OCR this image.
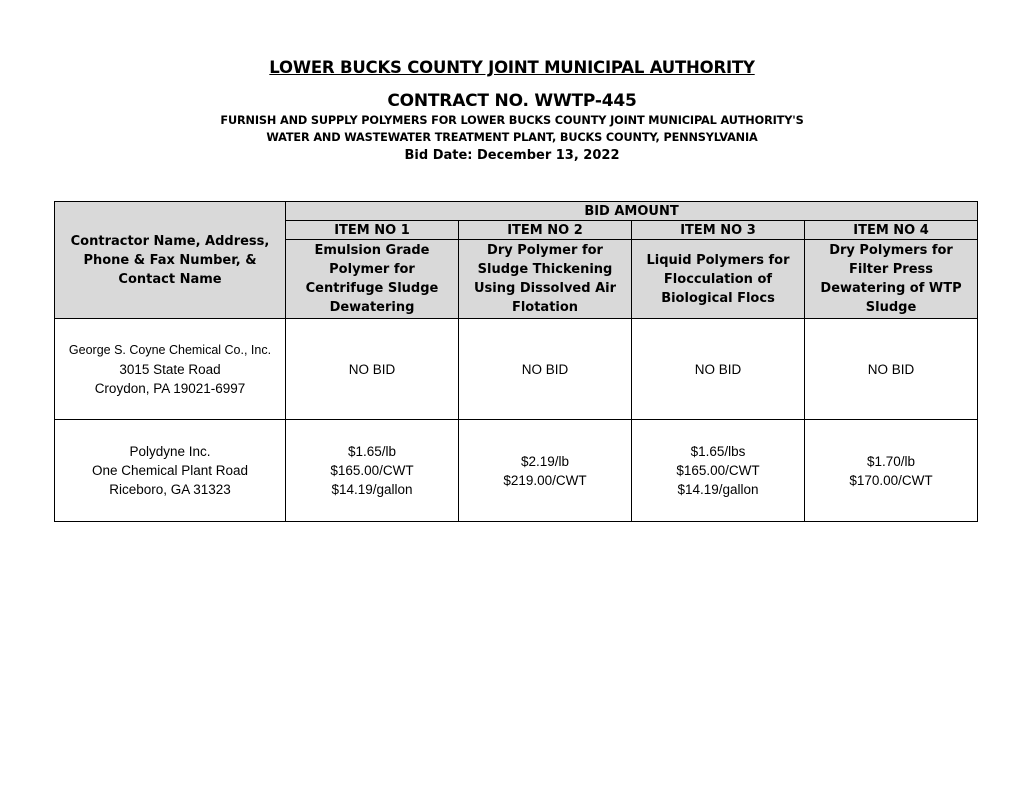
LOWER BUCKS COUNTY JOINT MUNICIPAL AUTHORITY
CONTRACT NO. WWTP-445
FURNISH AND SUPPLY POLYMERS FOR LOWER BUCKS COUNTY JOINT MUNICIPAL AUTHORITY'S
WATER AND WASTEWATER TREATMENT PLANT, BUCKS COUNTY, PENNSYLVANIA
Bid Date: December 13, 2022
Contractor Name, Address, Phone & Fax Number, & Contact Name	BID AMOUNT			
	ITEM NO 1	ITEM NO 2	ITEM NO 3	ITEM NO 4
	Emulsion Grade Polymer for Centrifuge Sludge Dewatering	Dry Polymer for Sludge Thickening Using Dissolved Air Flotation	Liquid Polymers for Flocculation of Biological Flocs	Dry Polymers for Filter Press Dewatering of WTP Sludge

George S. Coyne Chemical Co., Inc.
3015 State Road
Croydon, PA 19021-6997	NO BID	NO BID	NO BID	NO BID

Polydyne Inc.
One Chemical Plant Road
Riceboro, GA 31323	$1.65/lb
$165.00/CWT
$14.19/gallon	$2.19/lb
$219.00/CWT	$1.65/lbs
$165.00/CWT
$14.19/gallon	$1.70/lb
$170.00/CWT
